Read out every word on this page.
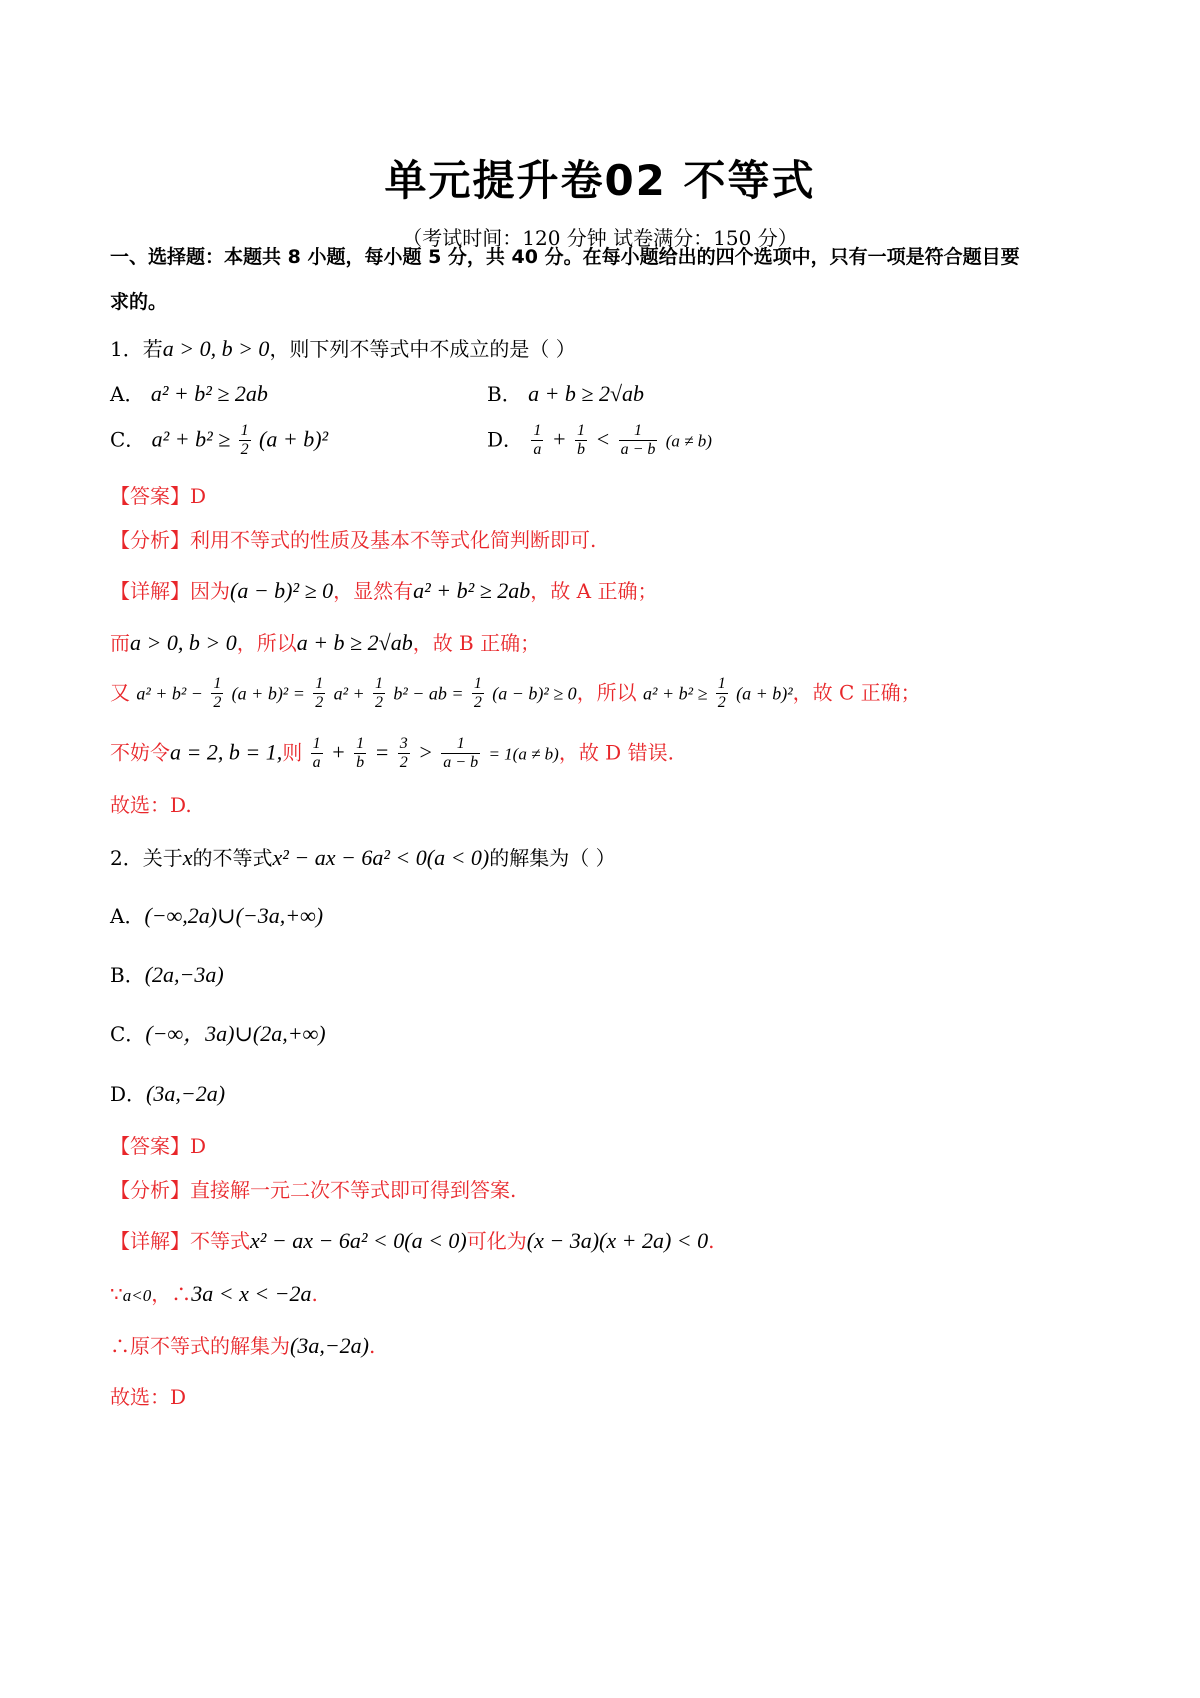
单元提升卷02 不等式
（考试时间：120 分钟 试卷满分：150 分）
一、选择题：本题共 8 小题，每小题 5 分，共 40 分。在每小题给出的四个选项中，只有一项是符合题目要
求的。
1．若a > 0, b > 0，则下列不等式中不成立的是（ ）
A． a² + b² ≥ 2ab	B． a + b ≥ 2√ab
C． $a^2 + b^2 \ge \frac{1}{2} (a + b)^2$	D． $\frac{1}{a} + \frac{1}{b} < \frac{1}{a - b} (a \ne b)$
【答案】D
【分析】利用不等式的性质及基本不等式化简判断即可.
【详解】因为(a − b)² ≥ 0，显然有a² + b² ≥ 2ab，故 A 正确；
而a > 0, b > 0，所以a + b ≥ 2√ab，故 B 正确；
又 $a^2 + b^2 - \frac{1}{2} (a + b)^2 = \frac{1}{2} a^2 + \frac{1}{2} b^2$ − ab = $\frac{1}{2} (a - b)^2 \ge 0$，所以 $a^2 + b^2 \ge \frac{1}{2} (a + b)^2$，故 C 正确；
不妨令a = 2, b = 1,则 $\frac{1}{a} + \frac{1}{b} = \frac{3}{2} > \frac{1}{a - b} = 1(a \ne b)$，故 D 错误.
故选：D.
2．关于x的不等式x² − ax − 6a² < 0(a < 0)的解集为（ ）
A．(−∞,2a)∪(−3a,+∞)
B．(2a,−3a)
C．(−∞，3a)∪(2a,+∞)
D．(3a,−2a)
【答案】D
【分析】直接解一元二次不等式即可得到答案.
【详解】不等式x² − ax − 6a² < 0(a < 0)可化为(x − 3a)(x + 2a) < 0.
∵a<0，∴3a < x < −2a.
∴原不等式的解集为(3a,−2a).
故选：D
